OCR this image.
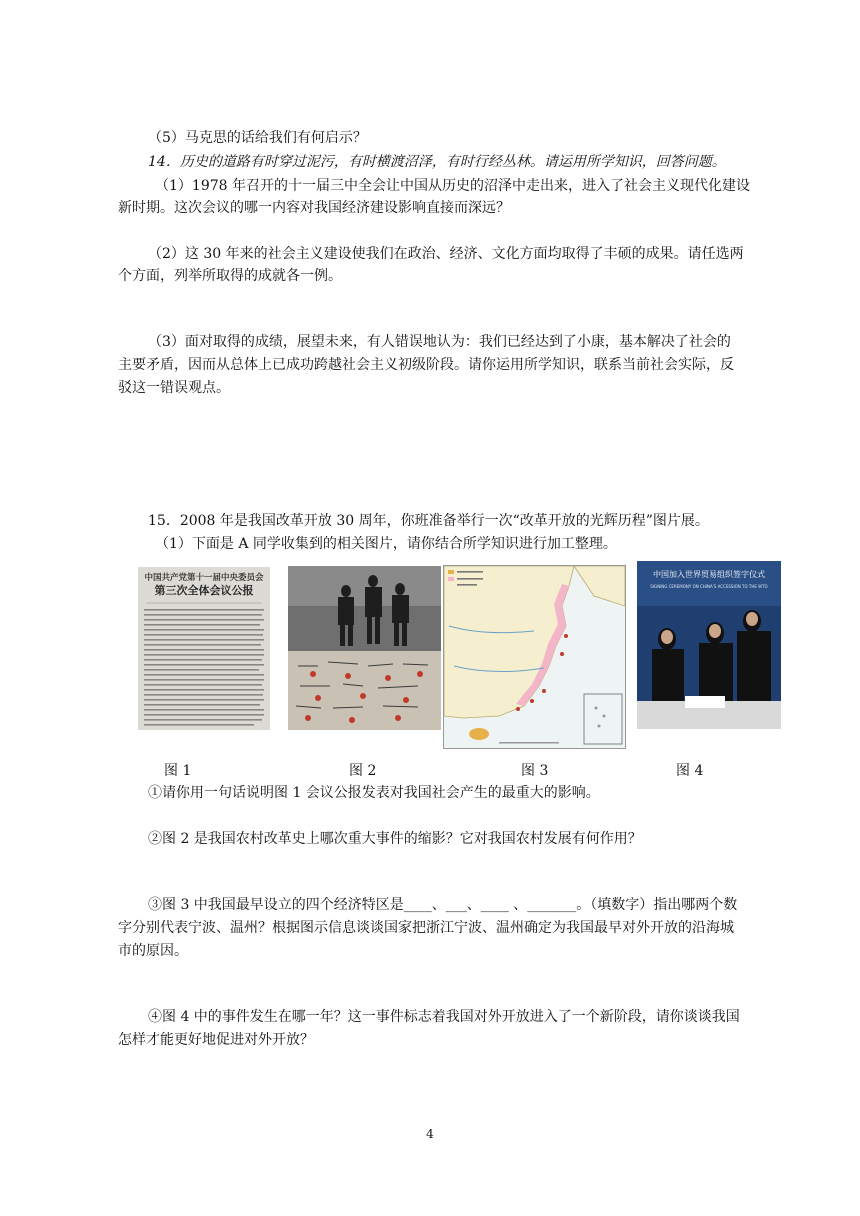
（5）马克思的话给我们有何启示？
14．历史的道路有时穿过泥污，有时横渡沼泽，有时行经丛林。请运用所学知识，回答问题。
（1）1978 年召开的十一届三中全会让中国从历史的沼泽中走出来，进入了社会主义现代化建设
新时期。这次会议的哪一内容对我国经济建设影响直接而深远？
（2）这 30 年来的社会主义建设使我们在政治、经济、文化方面均取得了丰硕的成果。请任选两
个方面，列举所取得的成就各一例。
（3）面对取得的成绩，展望未来，有人错误地认为：我们已经达到了小康，基本解决了社会的
主要矛盾，因而从总体上已成功跨越社会主义初级阶段。请你运用所学知识，联系当前社会实际，反
驳这一错误观点。
15．2008 年是我国改革开放 30 周年，你班准备举行一次“改革开放的光辉历程”图片展。
（1）下面是 A 同学收集到的相关图片，请你结合所学知识进行加工整理。
中国共产党第十一届中央委员会
第三次全体会议公报
中国加入世界贸易组织签字仪式
SIGNING CEREMONY ON CHINA'S ACCESSION TO THE WTO
图 1	图 2	图 3	图 4
①请你用一句话说明图 1 会议公报发表对我国社会产生的最重大的影响。
②图 2 是我国农村改革史上哪次重大事件的缩影？它对我国农村发展有何作用？
③图 3 中我国最早设立的四个经济特区是____、___、____ 、_______。（填数字）指出哪两个数
字分别代表宁波、温州？根据图示信息谈谈国家把浙江宁波、温州确定为我国最早对外开放的沿海城
市的原因。
④图 4 中的事件发生在哪一年？这一事件标志着我国对外开放进入了一个新阶段，请你谈谈我国
怎样才能更好地促进对外开放？
4
